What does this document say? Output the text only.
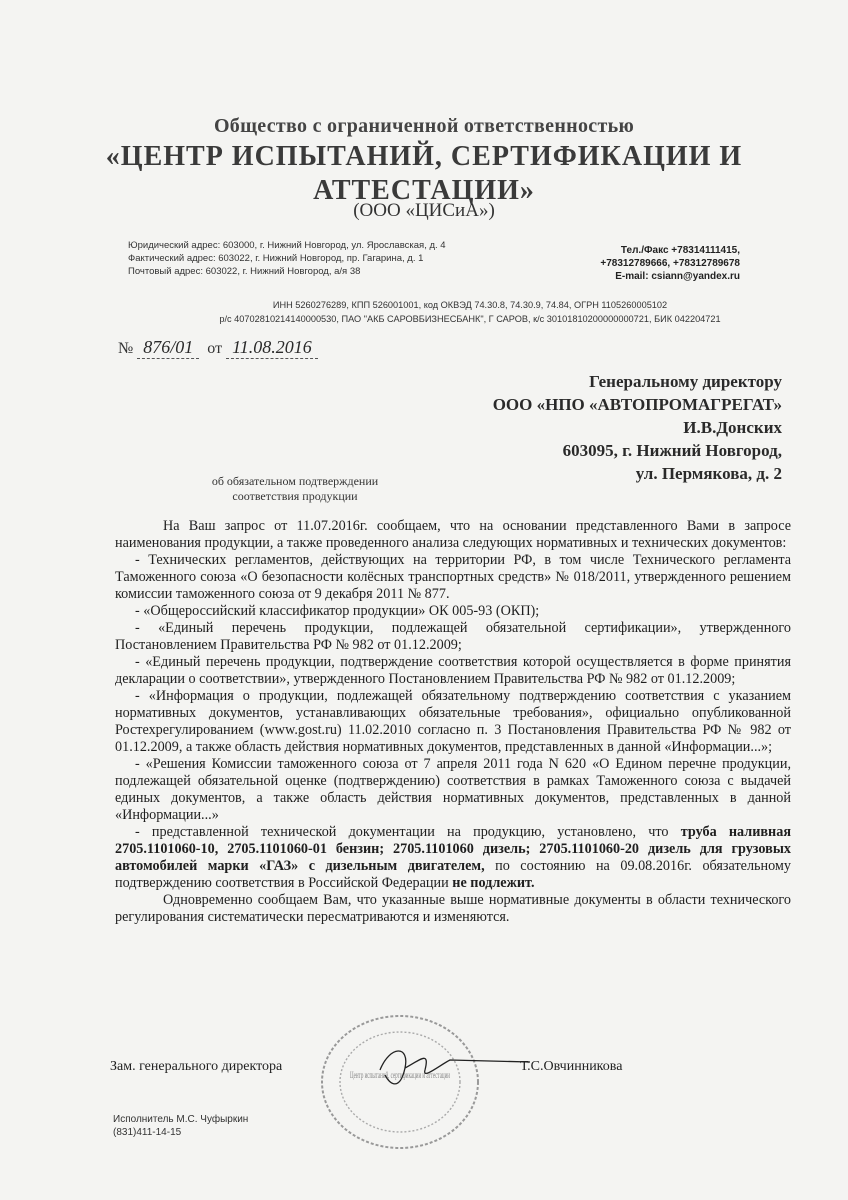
Общество с ограниченной ответственностью
«ЦЕНТР ИСПЫТАНИЙ, СЕРТИФИКАЦИИ И
АТТЕСТАЦИИ»
(ООО «ЦИСиА»)
Юридический адрес: 603000, г. Нижний Новгород, ул. Ярославская, д. 4
Фактический адрес: 603022, г. Нижний Новгород, пр. Гагарина, д. 1
Почтовый адрес: 603022, г. Нижний Новгород, а/я 38
Тел./Факс +78314111415,
+78312789666, +78312789678
E-mail: csiann@yandex.ru
ИНН 5260276289, КПП 526001001, код ОКВЭД 74.30.8, 74.30.9, 74.84, ОГРН 1105260005102
р/с 40702810214140000530, ПАО "АКБ САРОВБИЗНЕСБАНК", Г САРОВ, к/с 30101810200000000721, БИК 042204721
№ 876/01 от 11.08.2016
Генеральному директору
ООО «НПО «АВТОПРОМАГРЕГАТ»
И.В.Донских
603095, г. Нижний Новгород,
ул. Пермякова, д. 2
об обязательном подтверждении
соответствия продукции

На Ваш запрос от 11.07.2016г. сообщаем, что на основании представленного Вами в запросе наименования продукции, а также проведенного анализа следующих нормативных и технических документов:

- Технических регламентов, действующих на территории РФ, в том числе Технического регламента Таможенного союза «О безопасности колёсных транспортных средств» № 018/2011, утвержденного решением комиссии таможенного союза от 9 декабря 2011 № 877.

- «Общероссийский классификатор продукции» ОК 005-93 (ОКП);

- «Единый перечень продукции, подлежащей обязательной сертификации», утвержденного Постановлением Правительства РФ № 982 от 01.12.2009;

- «Единый перечень продукции, подтверждение соответствия которой осуществляется в форме принятия декларации о соответствии», утвержденного Постановлением Правительства РФ № 982 от 01.12.2009;

- «Информация о продукции, подлежащей обязательному подтверждению соответствия с указанием нормативных документов, устанавливающих обязательные требования», официально опубликованной Ростехрегулированием (www.gost.ru) 11.02.2010 согласно п. 3 Постановления Правительства РФ № 982 от 01.12.2009, а также область действия нормативных документов, представленных в данной «Информации...»;

- «Решения Комиссии таможенного союза от 7 апреля 2011 года N 620 «О Едином перечне продукции, подлежащей обязательной оценке (подтверждению) соответствия в рамках Таможенного союза с выдачей единых документов, а также область действия нормативных документов, представленных в данной «Информации...»

- представленной технической документации на продукцию, установлено, что труба наливная 2705.1101060-10, 2705.1101060-01 бензин; 2705.1101060 дизель; 2705.1101060-20 дизель для грузовых автомобилей марки «ГАЗ» с дизельным двигателем, по состоянию на 09.08.2016г. обязательному подтверждению соответствия в Российской Федерации не подлежит.

Одновременно сообщаем Вам, что указанные выше нормативные документы в области технического регулирования систематически пересматриваются и изменяются.

Центр испытаний, сертификации и аттестации
Зам. генерального директора	Т.С.Овчинникова
Исполнитель М.С. Чуфыркин
(831)411-14-15
